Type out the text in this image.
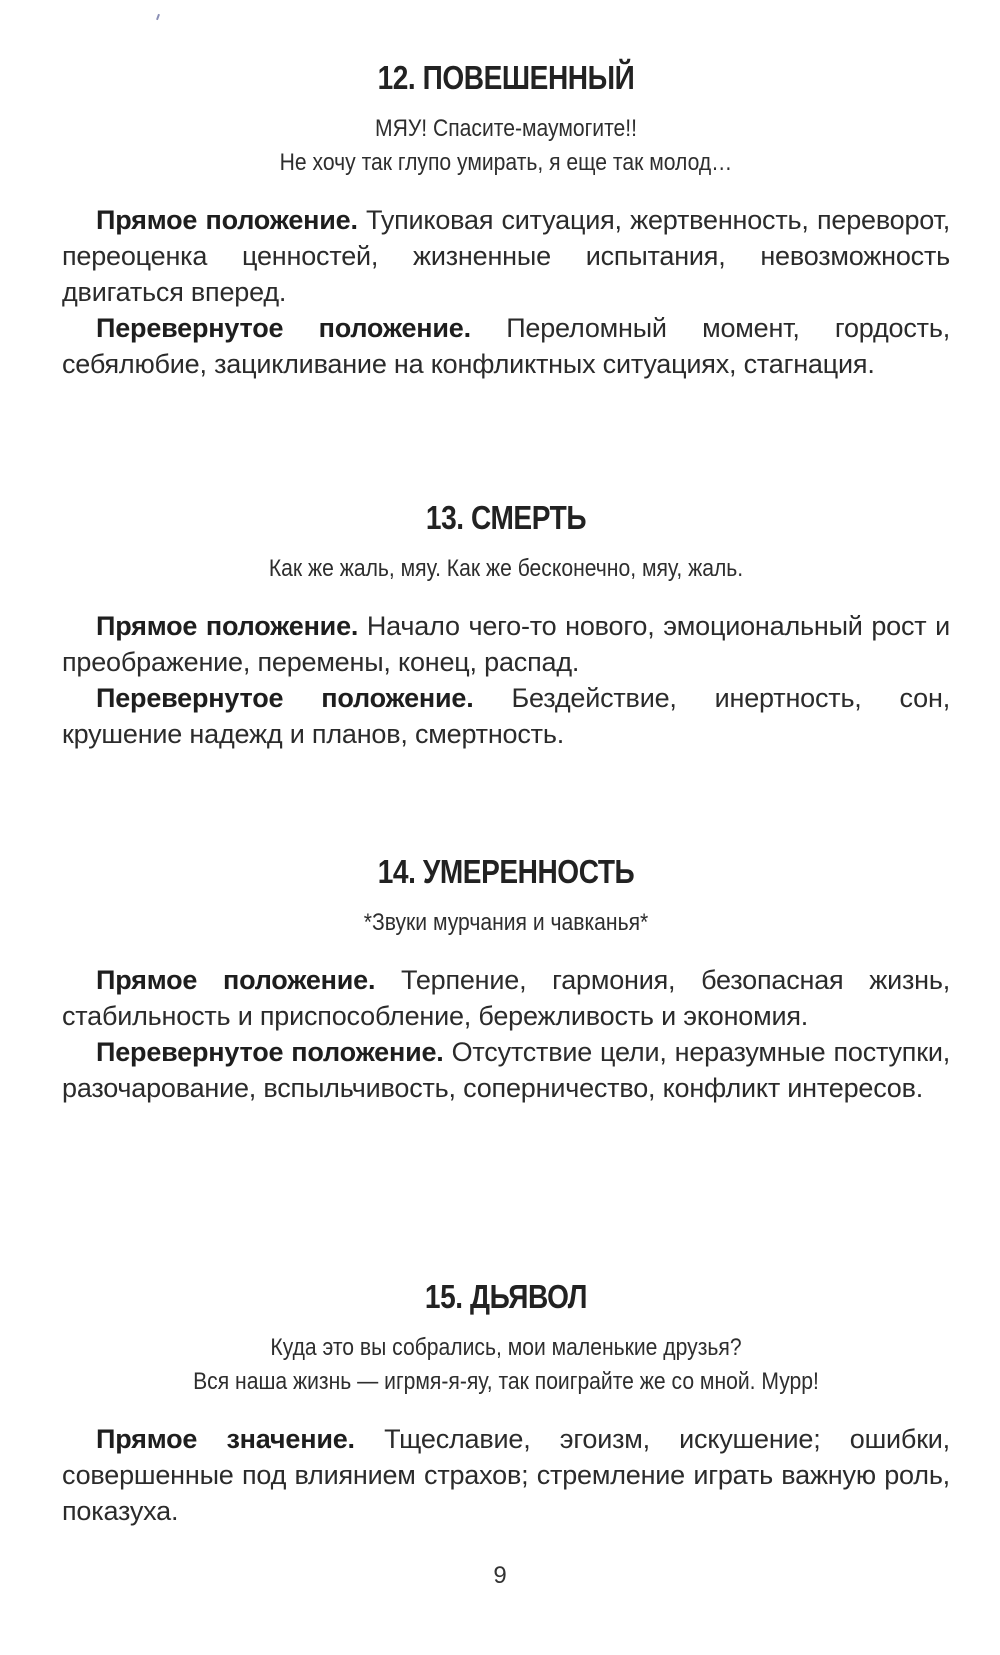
12. ПОВЕШЕННЫЙ
МЯУ! Спасите-маумогите!!
Не хочу так глупо умирать, я еще так молод…

Прямое положение. Тупиковая ситуация, жертвенность, переворот, переоценка ценностей, жизненные испытания, невозможность двигаться вперед.

Перевернутое положение. Переломный момент, гордость, себялюбие, зацикливание на конфликтных ситуациях, стагнация.

13. СМЕРТЬ
Как же жаль, мяу. Как же бесконечно, мяу, жаль.

Прямое положение. Начало чего-то нового, эмоциональный рост и преображение, перемены, конец, распад.

Перевернутое положение. Бездействие, инертность, сон, крушение надежд и планов, смертность.

14. УМЕРЕННОСТЬ
*Звуки мурчания и чавканья*

Прямое положение. Терпение, гармония, безопасная жизнь, стабильность и приспособление, бережливость и экономия.

Перевернутое положение. Отсутствие цели, неразумные поступки, разочарование, вспыльчивость, соперничество, конфликт интересов.

15. ДЬЯВОЛ
Куда это вы собрались, мои маленькие друзья?
Вся наша жизнь — игрмя-я-яу, так поиграйте же со мной. Мурр!

Прямое значение. Тщеславие, эгоизм, искушение; ошибки, совершенные под влиянием страхов; стремление играть важную роль, показуха.

9
